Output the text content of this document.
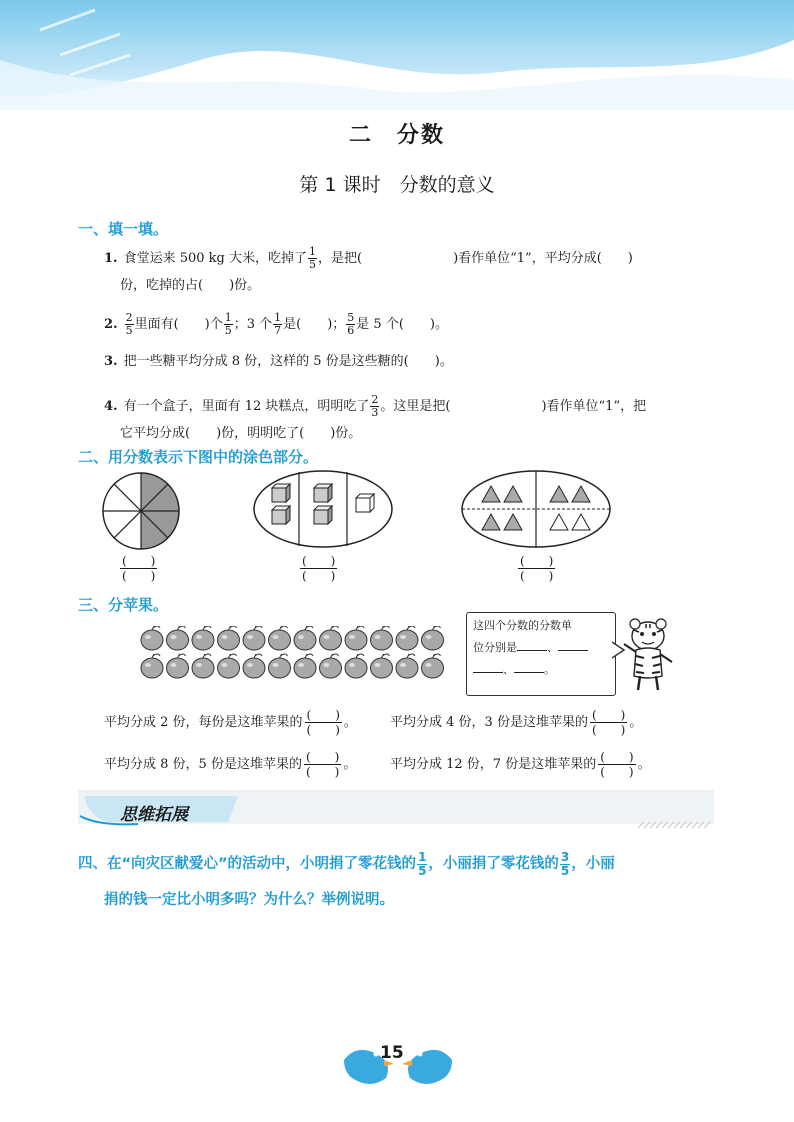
二　分数
第 1 课时　分数的意义
一、填一填。
1. 食堂运来 500 kg 大米，吃掉了 $\frac{1}{5}$ ，是把(　　　　　　　)看作单位“1”，平均分成(　　)
份，吃掉的占(　　)份。
2. $\frac{2}{5}$ 里面有(　　)个 $\frac{1}{5}$ ；3 个 $\frac{1}{7}$ 是(　　)； $\frac{5}{6}$ 是 5 个(　　)。
3. 把一些糖平均分成 8 份，这样的 5 份是这些糖的(　　)。
4. 有一个盒子，里面有 12 块糕点，明明吃了 $\frac{2}{3}$ 。这里是把(　　　　　　　)看作单位“1”，把
它平均分成(　　)份，明明吃了(　　)份。
二、用分数表示下图中的涂色部分。
$\frac{( )}{( )}$	$\frac{( )}{( )}$	$\frac{( )}{( )}$
三、分苹果。
这四个分数的分数单
位分别是	、
、	。
平均分成 2 份，每份是这堆苹果的 $\frac{( )}{( )}$ 。	平均分成 4 份，3 份是这堆苹果的 $\frac{( )}{( )}$ 。
平均分成 8 份，5 份是这堆苹果的 $\frac{( )}{( )}$ 。	平均分成 12 份，7 份是这堆苹果的 $\frac{( )}{( )}$ 。
思维拓展
四、在“向灾区献爱心”的活动中，小明捐了零花钱的 $\frac{1}{5}$ ，小丽捐了零花钱的 $\frac{3}{5}$ ，小丽
捐的钱一定比小明多吗？为什么？举例说明。
15
